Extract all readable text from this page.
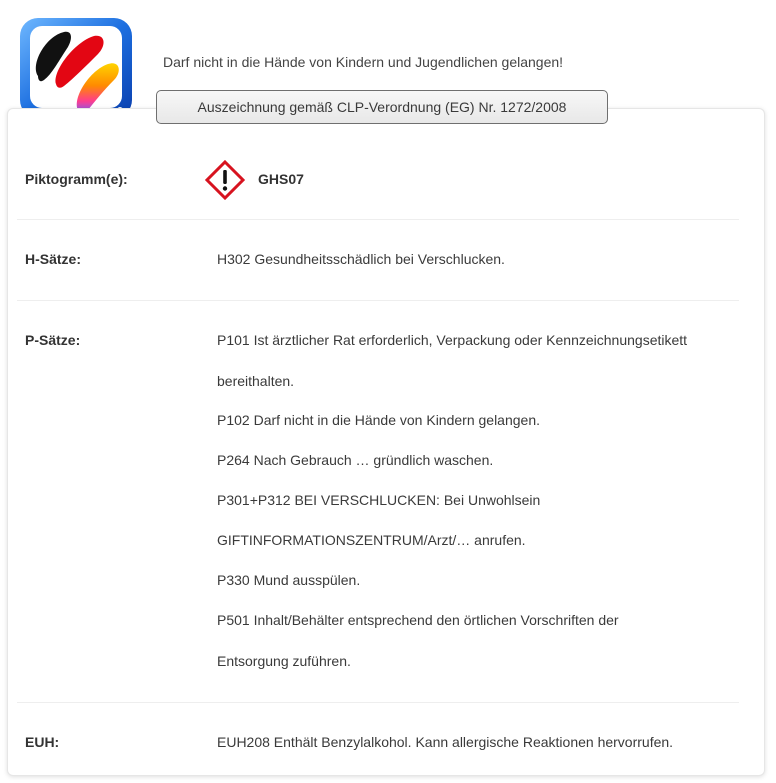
Darf nicht in die Hände von Kindern und Jugendlichen gelangen!
Auszeichnung gemäß CLP-Verordnung (EG) Nr. 1272/2008
Piktogramm(e):	GHS07
H-Sätze:	H302 Gesundheitsschädlich bei Verschlucken.
P-Sätze:	P101 Ist ärztlicher Rat erforderlich, Verpackung oder Kennzeichnungsetikett
bereithalten.
P102 Darf nicht in die Hände von Kindern gelangen.
P264 Nach Gebrauch … gründlich waschen.
P301+P312 BEI VERSCHLUCKEN: Bei Unwohlsein
GIFTINFORMATIONSZENTRUM/Arzt/… anrufen.
P330 Mund ausspülen.
P501 Inhalt/Behälter entsprechend den örtlichen Vorschriften der
Entsorgung zuführen.
EUH:	EUH208 Enthält Benzylalkohol. Kann allergische Reaktionen hervorrufen.
